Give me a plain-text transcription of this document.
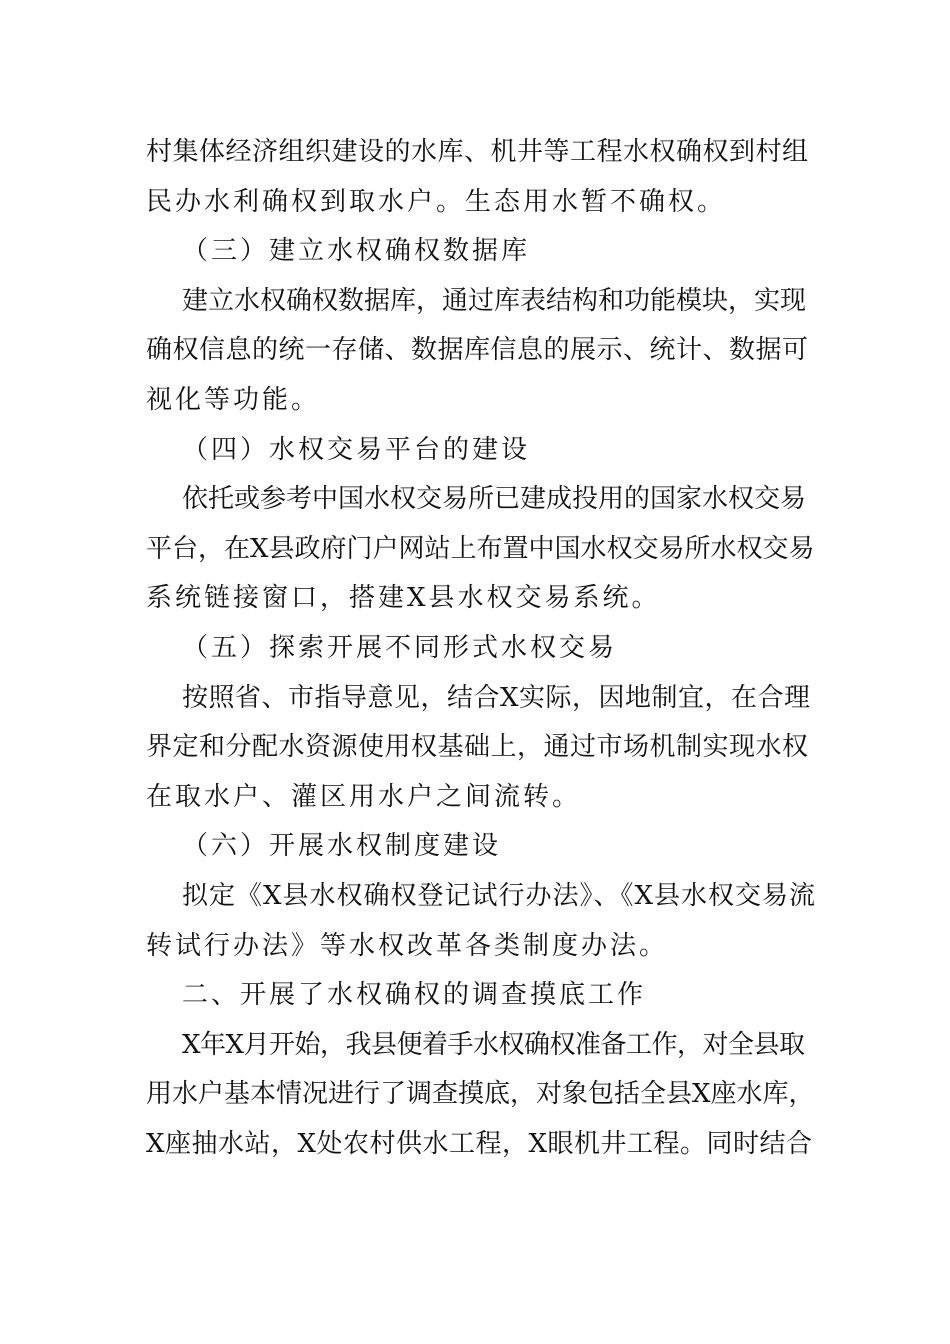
村集体经济组织建设的水库、机井等工程水权确权到村组
民办水利确权到取水户。生态用水暂不确权。
（三）建立水权确权数据库
建立水权确权数据库，通过库表结构和功能模块，实现
确权信息的统一存储、数据库信息的展示、统计、数据可
视化等功能。
（四）水权交易平台的建设
依托或参考中国水权交易所已建成投用的国家水权交易
平台，在X县政府门户网站上布置中国水权交易所水权交易
系统链接窗口，搭建X县水权交易系统。
（五）探索开展不同形式水权交易
按照省、市指导意见，结合X实际，因地制宜，在合理
界定和分配水资源使用权基础上，通过市场机制实现水权
在取水户、灌区用水户之间流转。
（六）开展水权制度建设
拟定《X县水权确权登记试行办法》、《X县水权交易流
转试行办法》等水权改革各类制度办法。
二、开展了水权确权的调查摸底工作
X年X月开始，我县便着手水权确权准备工作，对全县取
用水户基本情况进行了调查摸底，对象包括全县X座水库，
X座抽水站，X处农村供水工程，X眼机井工程。同时结合
